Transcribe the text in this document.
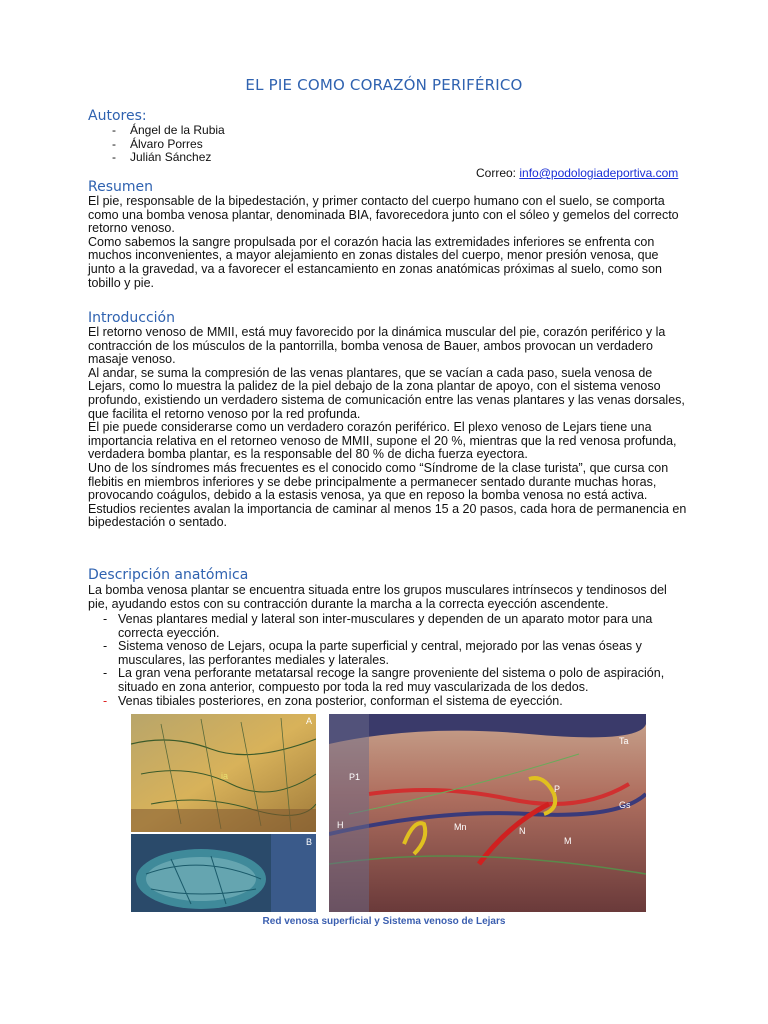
EL PIE COMO CORAZÓN PERIFÉRICO
Autores:
- Ángel de la Rubia
- Álvaro Porres
- Julián Sánchez
Correo: info@podologiadeportiva.com
Resumen

El pie, responsable de la bipedestación, y primer contacto del cuerpo humano con el suelo, se comporta como una bomba venosa plantar, denominada BIA, favorecedora junto con el sóleo y gemelos del correcto retorno venoso.

Como sabemos la sangre propulsada por el corazón hacia las extremidades inferiores se enfrenta con muchos inconvenientes, a mayor alejamiento en zonas distales del cuerpo, menor presión venosa, que junto a la gravedad, va a favorecer el estancamiento en zonas anatómicas próximas al suelo, como son tobillo y pie.

Introducción

El retorno venoso de MMII, está muy favorecido por la dinámica muscular del pie, corazón periférico y la contracción de los músculos de la pantorrilla, bomba venosa de Bauer, ambos provocan un verdadero masaje venoso.

Al andar, se suma la compresión de las venas plantares, que se vacían a cada paso, suela venosa de Lejars, como lo muestra la palidez de la piel debajo de la zona plantar de apoyo, con el sistema venoso profundo, existiendo un verdadero sistema de comunicación entre las venas plantares y las venas dorsales, que facilita el retorno venoso por la red profunda.

El pie puede considerarse como un verdadero corazón periférico. El plexo venoso de Lejars tiene una importancia relativa en el retorneo venoso de MMII, supone el 20 %, mientras que la red venosa profunda, verdadera bomba plantar, es la responsable del 80 % de dicha fuerza eyectora.

Uno de los síndromes más frecuentes es el conocido como “Síndrome de la clase turista”, que cursa con flebitis en miembros inferiores y se debe principalmente a permanecer sentado durante muchas horas, provocando coágulos, debido a la estasis venosa, ya que en reposo la bomba venosa no está activa.

Estudios recientes avalan la importancia de caminar al menos 15 a 20 pasos, cada hora de permanencia en bipedestación o sentado.

Descripción anatómica
La bomba venosa plantar se encuentra situada entre los grupos musculares intrínsecos y tendinosos del pie, ayudando estos con su contracción durante la marcha a la correcta eyección ascendente.
- Venas plantares medial y lateral son inter-musculares y dependen de un aparato motor para una correcta eyección.
- Sistema venoso de Lejars, ocupa la parte superficial y central, mejorado por las venas óseas y musculares, las perforantes mediales y laterales.
- La gran vena perforante metatarsal recoge la sangre proveniente del sistema o polo de aspiración, situado en zona anterior, compuesto por toda la red muy vascularizada de los dedos.
- Venas tibiales posteriores, en zona posterior, conforman el sistema de eyección.
A
ia
B
Ta
P1
P
Gs
H	Mn	N
M
Red venosa superficial y Sistema venoso de Lejars
